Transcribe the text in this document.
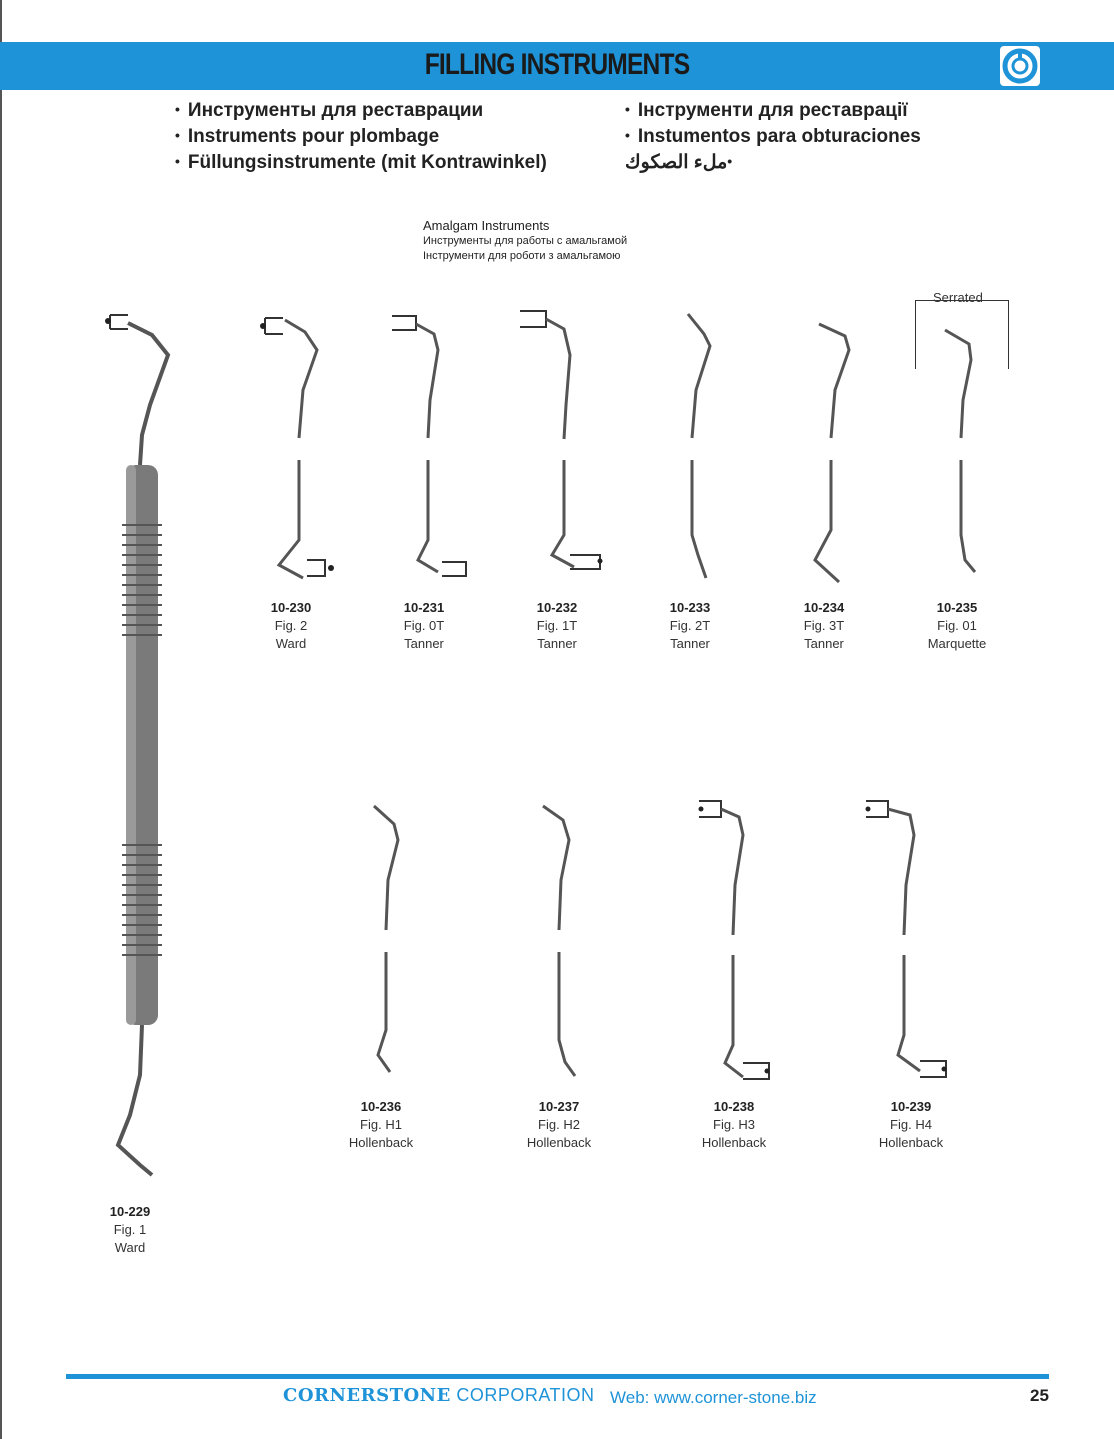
FILLING INSTRUMENTS
• Инструменты для реставрации
• Instruments pour plombage
• Füllungsinstrumente (mit Kontrawinkel)
• Інструменти для реставрації
• Instumentos para obturaciones
• ملء الصكوك
Amalgam Instruments
Инструменты для работы с амальгамой
Інструменти для роботи з амальгамою
10-229
Fig. 1
Ward
Serrated
10-230
Fig. 2
Ward
10-231
Fig. 0T
Tanner
10-232
Fig. 1T
Tanner
10-233
Fig. 2T
Tanner
10-234
Fig. 3T
Tanner
10-235
Fig. 01
Marquette
10-236
Fig. H1
Hollenback
10-237
Fig. H2
Hollenback
10-238
Fig. H3
Hollenback
10-239
Fig. H4
Hollenback
CORNERSTONE CORPORATION Web: www.corner-stone.biz	25
